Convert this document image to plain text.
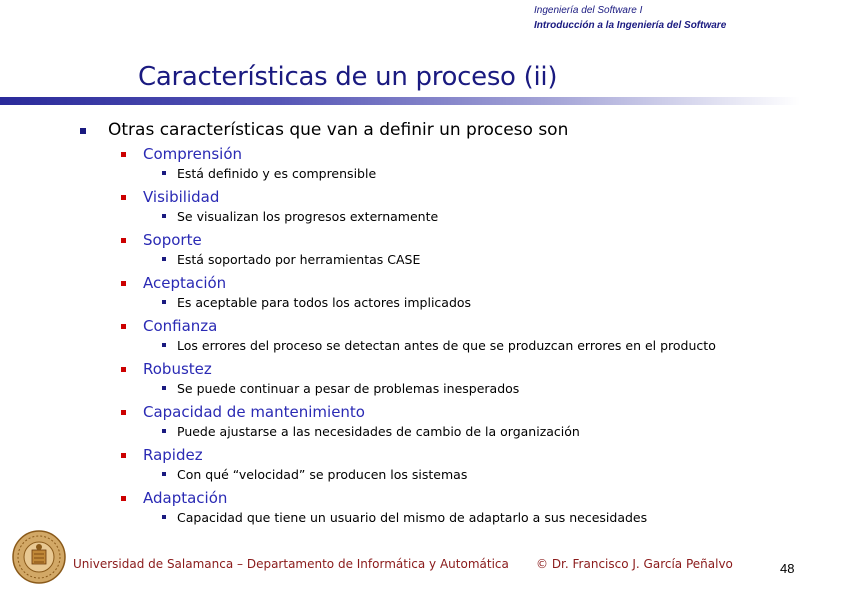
Ingeniería del Software I
Introducción a la Ingeniería del Software
Características de un proceso (ii)
Otras características que van a definir un proceso son
Comprensión
Está definido y es comprensible
Visibilidad
Se visualizan los progresos externamente
Soporte
Está soportado por herramientas CASE
Aceptación
Es aceptable para todos los actores implicados
Confianza
Los errores del proceso se detectan antes de que se produzcan errores en el producto
Robustez
Se puede continuar a pesar de problemas inesperados
Capacidad de mantenimiento
Puede ajustarse a las necesidades de cambio de la organización
Rapidez
Con qué “velocidad” se producen los sistemas
Adaptación
Capacidad que tiene un usuario del mismo de adaptarlo a sus necesidades
Universidad de Salamanca – Departamento de Informática y Automática © Dr. Francisco J. García Peñalvo	48
